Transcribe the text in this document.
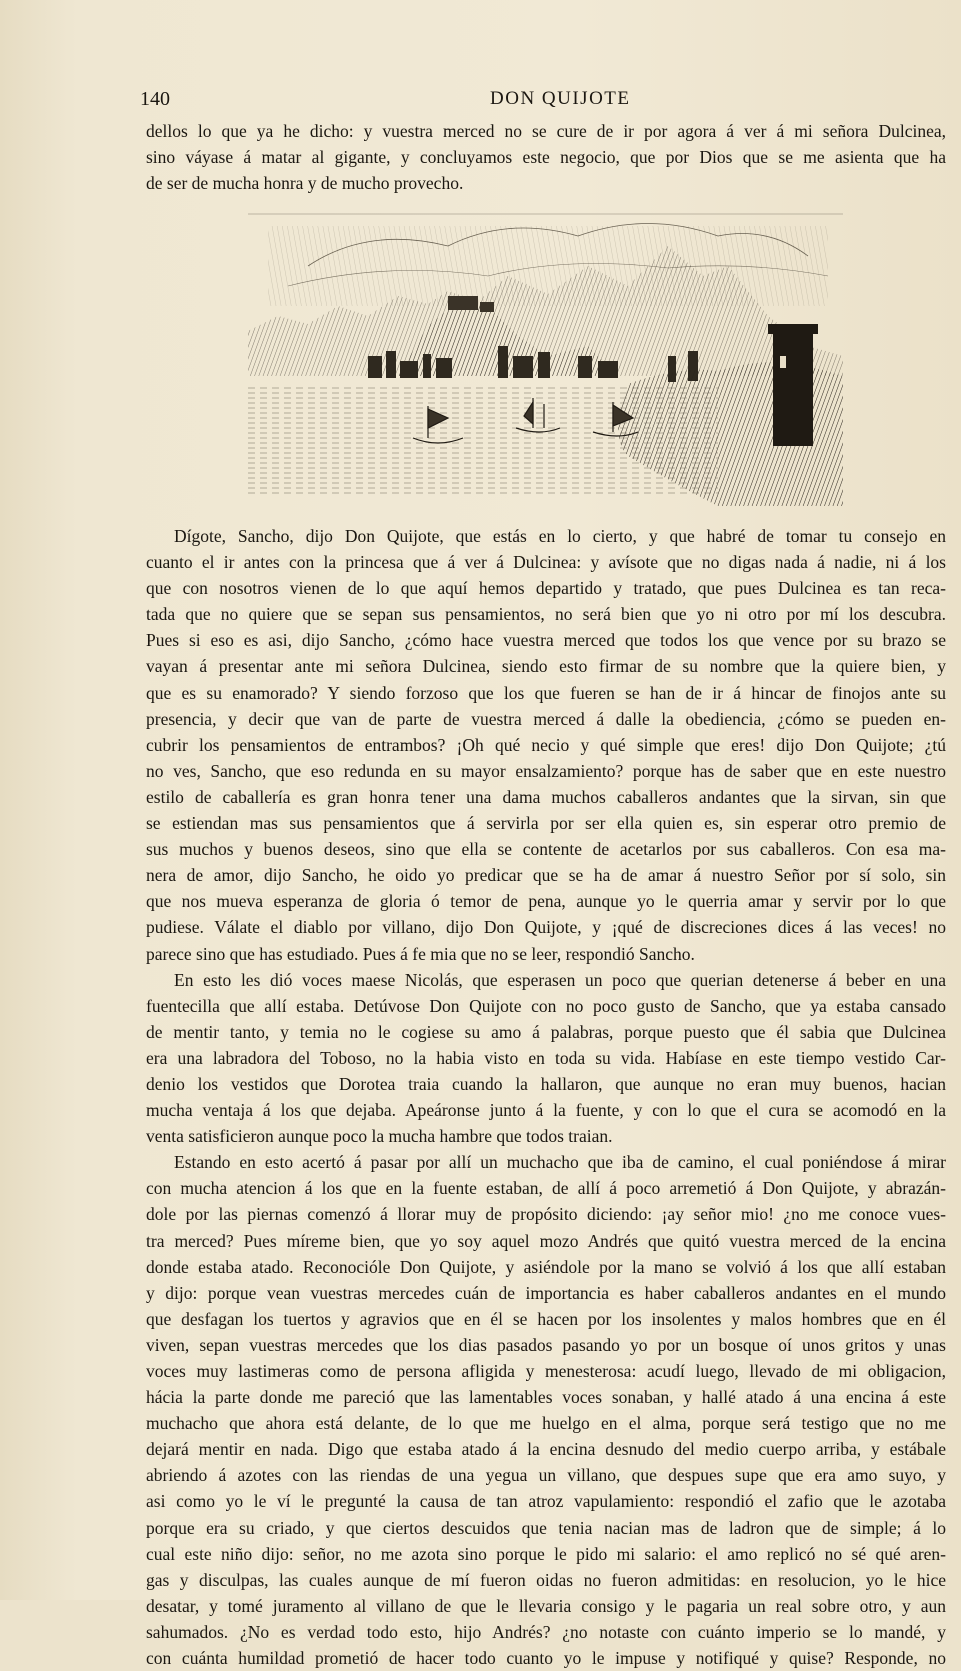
140	DON QUIJOTE
dellos lo que ya he dicho: y vuestra merced no se cure de ir por agora á ver á mi señora Dulcinea,
sino váyase á matar al gigante, y concluyamos este negocio, que por Dios que se me asienta que ha
de ser de mucha honra y de mucho provecho.
Dígote, Sancho, dijo Don Quijote, que estás en lo cierto, y que habré de tomar tu consejo en
cuanto el ir antes con la princesa que á ver á Dulcinea: y avísote que no digas nada á nadie, ni á los
que con nosotros vienen de lo que aquí hemos departido y tratado, que pues Dulcinea es tan reca-
tada que no quiere que se sepan sus pensamientos, no será bien que yo ni otro por mí los descubra.
Pues si eso es asi, dijo Sancho, ¿cómo hace vuestra merced que todos los que vence por su brazo se
vayan á presentar ante mi señora Dulcinea, siendo esto firmar de su nombre que la quiere bien, y
que es su enamorado? Y siendo forzoso que los que fueren se han de ir á hincar de finojos ante su
presencia, y decir que van de parte de vuestra merced á dalle la obediencia, ¿cómo se pueden en-
cubrir los pensamientos de entrambos? ¡Oh qué necio y qué simple que eres! dijo Don Quijote; ¿tú
no ves, Sancho, que eso redunda en su mayor ensalzamiento? porque has de saber que en este nuestro
estilo de caballería es gran honra tener una dama muchos caballeros andantes que la sirvan, sin que
se estiendan mas sus pensamientos que á servirla por ser ella quien es, sin esperar otro premio de
sus muchos y buenos deseos, sino que ella se contente de acetarlos por sus caballeros. Con esa ma-
nera de amor, dijo Sancho, he oido yo predicar que se ha de amar á nuestro Señor por sí solo, sin
que nos mueva esperanza de gloria ó temor de pena, aunque yo le querria amar y servir por lo que
pudiese. Válate el diablo por villano, dijo Don Quijote, y ¡qué de discreciones dices á las veces! no
parece sino que has estudiado. Pues á fe mia que no se leer, respondió Sancho.
En esto les dió voces maese Nicolás, que esperasen un poco que querian detenerse á beber en una
fuentecilla que allí estaba. Detúvose Don Quijote con no poco gusto de Sancho, que ya estaba cansado
de mentir tanto, y temia no le cogiese su amo á palabras, porque puesto que él sabia que Dulcinea
era una labradora del Toboso, no la habia visto en toda su vida. Habíase en este tiempo vestido Car-
denio los vestidos que Dorotea traia cuando la hallaron, que aunque no eran muy buenos, hacian
mucha ventaja á los que dejaba. Apeáronse junto á la fuente, y con lo que el cura se acomodó en la
venta satisficieron aunque poco la mucha hambre que todos traian.
Estando en esto acertó á pasar por allí un muchacho que iba de camino, el cual poniéndose á mirar
con mucha atencion á los que en la fuente estaban, de allí á poco arremetió á Don Quijote, y abrazán-
dole por las piernas comenzó á llorar muy de propósito diciendo: ¡ay señor mio! ¿no me conoce vues-
tra merced? Pues míreme bien, que yo soy aquel mozo Andrés que quitó vuestra merced de la encina
donde estaba atado. Reconocióle Don Quijote, y asiéndole por la mano se volvió á los que allí estaban
y dijo: porque vean vuestras mercedes cuán de importancia es haber caballeros andantes en el mundo
que desfagan los tuertos y agravios que en él se hacen por los insolentes y malos hombres que en él
viven, sepan vuestras mercedes que los dias pasados pasando yo por un bosque oí unos gritos y unas
voces muy lastimeras como de persona afligida y menesterosa: acudí luego, llevado de mi obligacion,
hácia la parte donde me pareció que las lamentables voces sonaban, y hallé atado á una encina á este
muchacho que ahora está delante, de lo que me huelgo en el alma, porque será testigo que no me
dejará mentir en nada. Digo que estaba atado á la encina desnudo del medio cuerpo arriba, y estábale
abriendo á azotes con las riendas de una yegua un villano, que despues supe que era amo suyo, y
asi como yo le ví le pregunté la causa de tan atroz vapulamiento: respondió el zafio que le azotaba
porque era su criado, y que ciertos descuidos que tenia nacian mas de ladron que de simple; á lo
cual este niño dijo: señor, no me azota sino porque le pido mi salario: el amo replicó no sé qué aren-
gas y disculpas, las cuales aunque de mí fueron oidas no fueron admitidas: en resolucion, yo le hice
desatar, y tomé juramento al villano de que le llevaria consigo y le pagaria un real sobre otro, y aun
sahumados. ¿No es verdad todo esto, hijo Andrés? ¿no notaste con cuánto imperio se lo mandé, y
con cuánta humildad prometió de hacer todo cuanto yo le impuse y notifiqué y quise? Responde, no
